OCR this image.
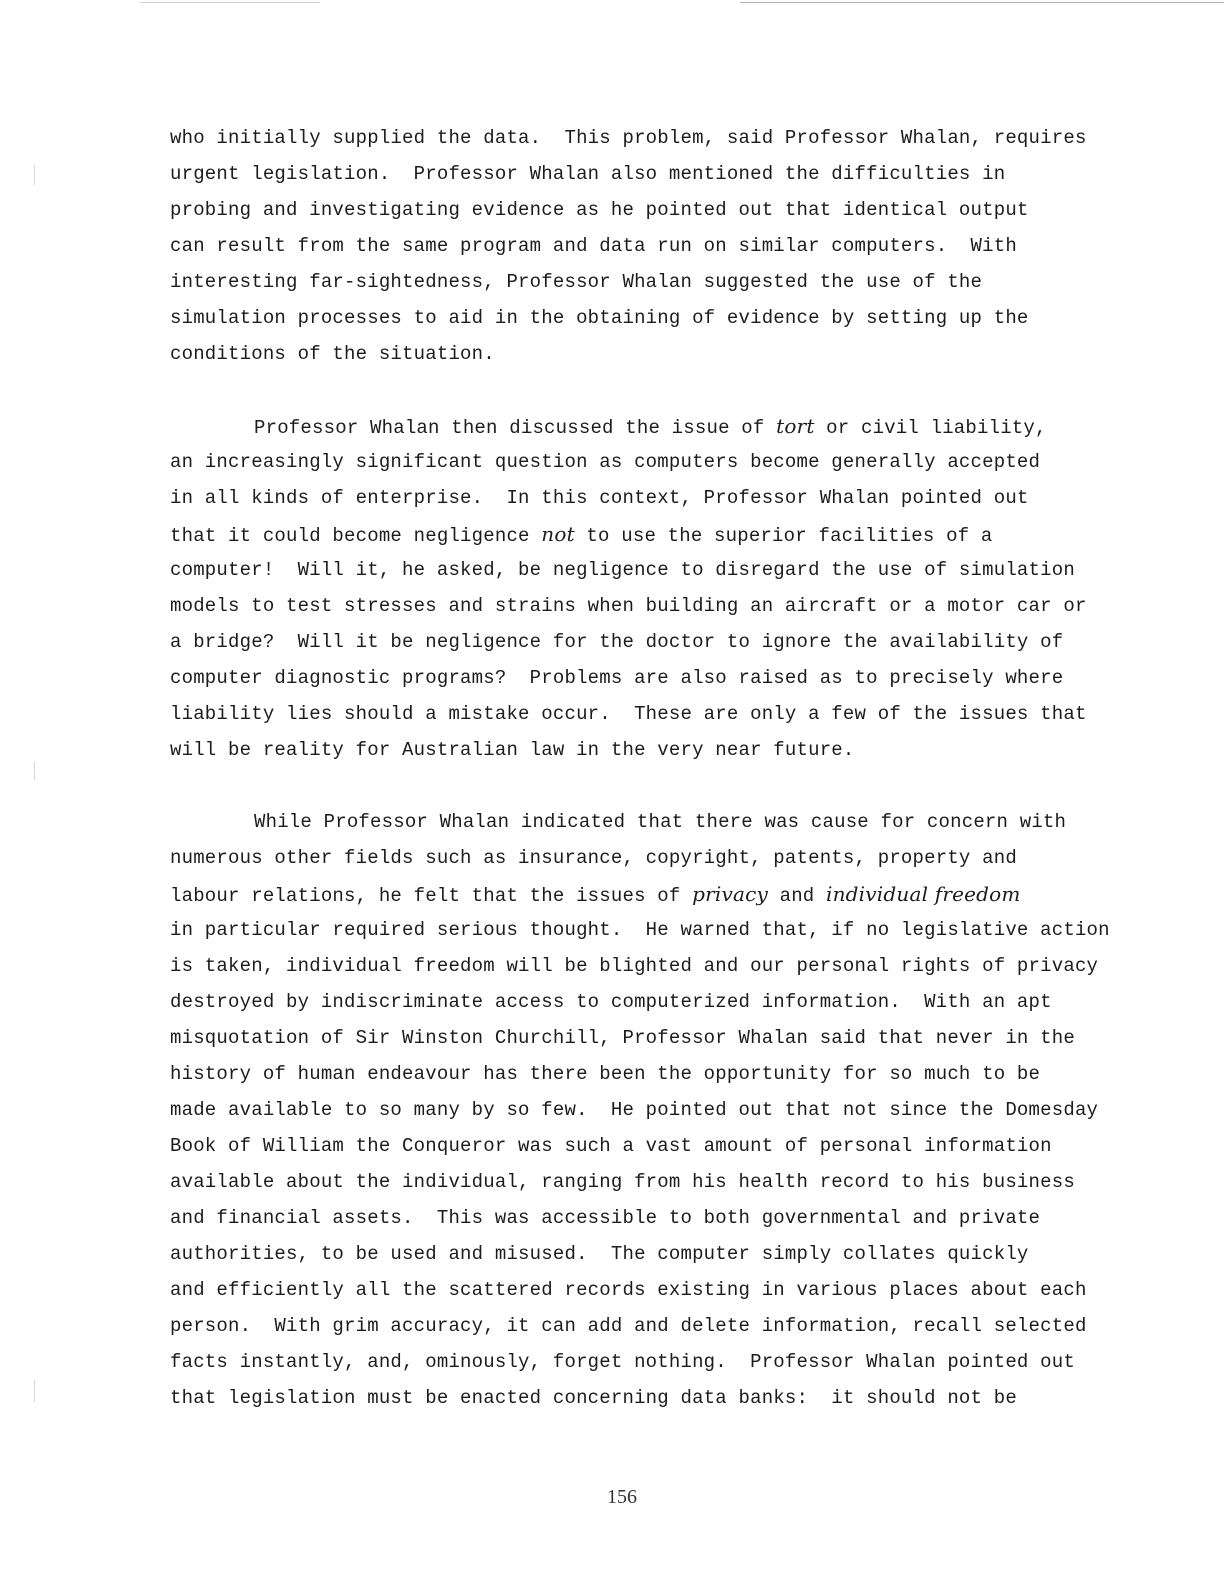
who initially supplied the data.  This problem, said Professor Whalan, requires
urgent legislation.  Professor Whalan also mentioned the difficulties in
probing and investigating evidence as he pointed out that identical output
can result from the same program and data run on similar computers.  With
interesting far-sightedness, Professor Whalan suggested the use of the
simulation processes to aid in the obtaining of evidence by setting up the
conditions of the situation.
Professor Whalan then discussed the issue of tort or civil liability,
an increasingly significant question as computers become generally accepted
in all kinds of enterprise.  In this context, Professor Whalan pointed out
that it could become negligence not to use the superior facilities of a
computer!  Will it, he asked, be negligence to disregard the use of simulation
models to test stresses and strains when building an aircraft or a motor car or
a bridge?  Will it be negligence for the doctor to ignore the availability of
computer diagnostic programs?  Problems are also raised as to precisely where
liability lies should a mistake occur.  These are only a few of the issues that
will be reality for Australian law in the very near future.
While Professor Whalan indicated that there was cause for concern with
numerous other fields such as insurance, copyright, patents, property and
labour relations, he felt that the issues of privacy and individual freedom
in particular required serious thought.  He warned that, if no legislative action
is taken, individual freedom will be blighted and our personal rights of privacy
destroyed by indiscriminate access to computerized information.  With an apt
misquotation of Sir Winston Churchill, Professor Whalan said that never in the
history of human endeavour has there been the opportunity for so much to be
made available to so many by so few.  He pointed out that not since the Domesday
Book of William the Conqueror was such a vast amount of personal information
available about the individual, ranging from his health record to his business
and financial assets.  This was accessible to both governmental and private
authorities, to be used and misused.  The computer simply collates quickly
and efficiently all the scattered records existing in various places about each
person.  With grim accuracy, it can add and delete information, recall selected
facts instantly, and, ominously, forget nothing.  Professor Whalan pointed out
that legislation must be enacted concerning data banks:  it should not be
156
